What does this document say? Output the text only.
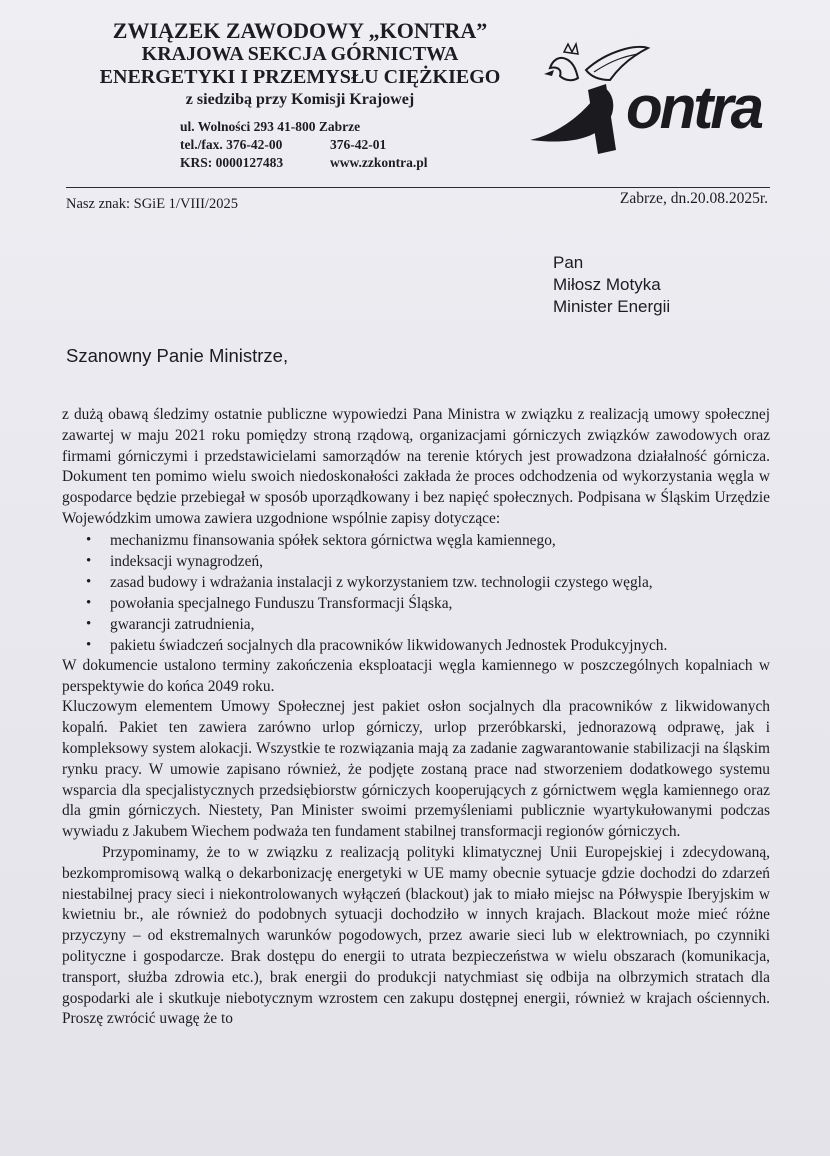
ZWIĄZEK ZAWODOWY „KONTRA”
KRAJOWA SEKCJA GÓRNICTWA
ENERGETYKI I PRZEMYSŁU CIĘŻKIEGO
z siedzibą przy Komisji Krajowej
ul. Wolności 293 41-800 Zabrze
tel./fax. 376-42-00	376-42-01
KRS: 0000127483	www.zzkontra.pl
ontra
Nasz znak: SGiE 1/VIII/2025	Zabrze, dn.20.08.2025r.
Pan
Miłosz Motyka
Minister Energii
Szanowny Panie Ministrze,

z dużą obawą śledzimy ostatnie publiczne wypowiedzi Pana Ministra w związku z realizacją umowy społecznej zawartej w maju 2021 roku pomiędzy stroną rządową, organizacjami górniczych związków zawodowych oraz firmami górniczymi i przedstawicielami samorządów na terenie których jest prowadzona działalność górnicza. Dokument ten pomimo wielu swoich niedoskonałości zakłada że proces odchodzenia od wykorzystania węgla w gospodarce będzie przebiegał w sposób uporządkowany i bez napięć społecznych. Podpisana w Śląskim Urzędzie Wojewódzkim umowa zawiera uzgodnione wspólnie zapisy dotyczące:

• mechanizmu finansowania spółek sektora górnictwa węgla kamiennego,
• indeksacji wynagrodzeń,
• zasad budowy i wdrażania instalacji z wykorzystaniem tzw. technologii czystego węgla,
• powołania specjalnego Funduszu Transformacji Śląska,
• gwarancji zatrudnienia,
• pakietu świadczeń socjalnych dla pracowników likwidowanych Jednostek Produkcyjnych.

W dokumencie ustalono terminy zakończenia eksploatacji węgla kamiennego w poszczególnych kopalniach w perspektywie do końca 2049 roku.

Kluczowym elementem Umowy Społecznej jest pakiet osłon socjalnych dla pracowników z likwidowanych kopalń. Pakiet ten zawiera zarówno urlop górniczy, urlop przeróbkarski, jednorazową odprawę, jak i kompleksowy system alokacji. Wszystkie te rozwiązania mają za zadanie zagwarantowanie stabilizacji na śląskim rynku pracy. W umowie zapisano również, że podjęte zostaną prace nad stworzeniem dodatkowego systemu wsparcia dla specjalistycznych przedsiębiorstw górniczych kooperujących z górnictwem węgla kamiennego oraz dla gmin górniczych. Niestety, Pan Minister swoimi przemyśleniami publicznie wyartykułowanymi podczas wywiadu z Jakubem Wiechem podważa ten fundament stabilnej transformacji regionów górniczych.

Przypominamy, że to w związku z realizacją polityki klimatycznej Unii Europejskiej i zdecydowaną, bezkompromisową walką o dekarbonizację energetyki w UE mamy obecnie sytuacje gdzie dochodzi do zdarzeń niestabilnej pracy sieci i niekontrolowanych wyłączeń (blackout) jak to miało miejsc na Półwyspie Iberyjskim w kwietniu br., ale również do podobnych sytuacji dochodziło w innych krajach. Blackout może mieć różne przyczyny – od ekstremalnych warunków pogodowych, przez awarie sieci lub w elektrowniach, po czynniki polityczne i gospodarcze. Brak dostępu do energii to utrata bezpieczeństwa w wielu obszarach (komunikacja, transport, służba zdrowia etc.), brak energii do produkcji natychmiast się odbija na olbrzymich stratach dla gospodarki ale i skutkuje niebotycznym wzrostem cen zakupu dostępnej energii, również w krajach ościennych. Proszę zwrócić uwagę że to
